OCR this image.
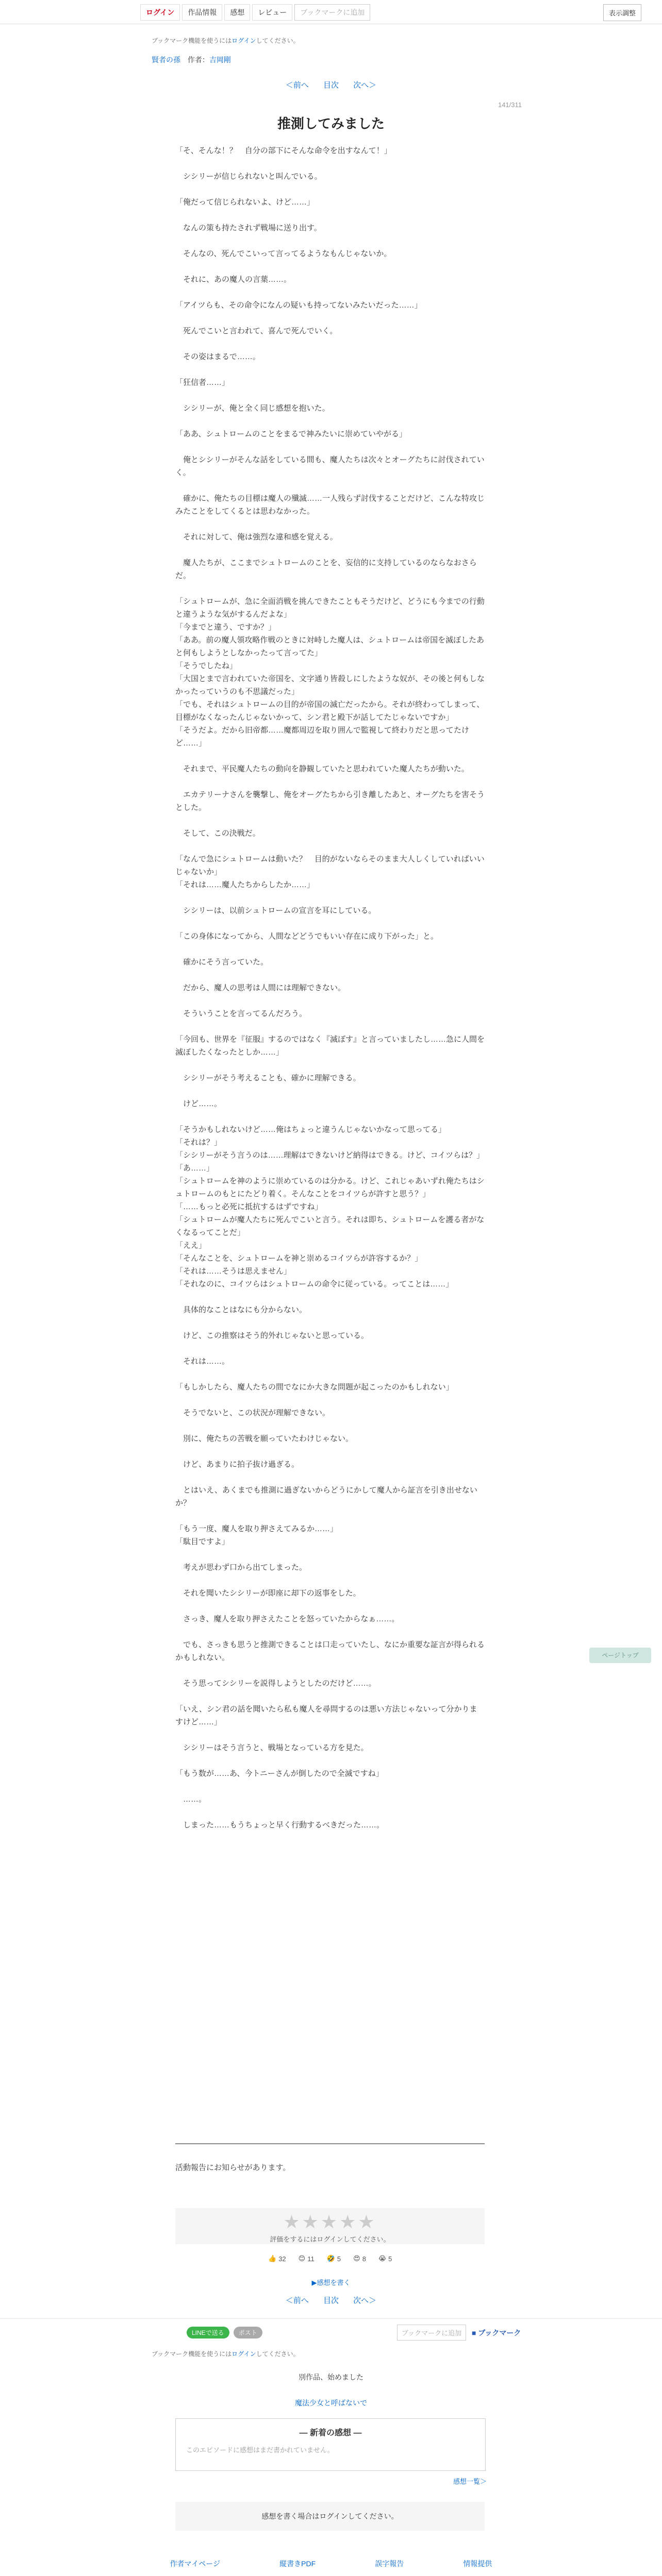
ログイン	作品情報	感想	レビュー	ブックマークに追加	表示調整
ブックマーク機能を使うにはログインしてください。
賢者の孫 作者：吉岡剛
＜前へ 目次 次へ＞
141/311
推測してみました
「そ、そんな！？　自分の部下にそんな命令を出すなんて！」
　シシリーが信じられないと叫んでいる。
「俺だって信じられないよ、けど……」
　なんの策も持たされず戦場に送り出す。
　そんなの、死んでこいって言ってるようなもんじゃないか。
　それに、あの魔人の言葉……。
「アイツらも、その命令になんの疑いも持ってないみたいだった……」
　死んでこいと言われて、喜んで死んでいく。
　その姿はまるで……。
「狂信者……」
　シシリーが、俺と全く同じ感想を抱いた。
「ああ、シュトロームのことをまるで神みたいに崇めていやがる」
　俺とシシリーがそんな話をしている間も、魔人たちは次々とオーグたちに討伐されていく。
　確かに、俺たちの目標は魔人の殲滅……一人残らず討伐することだけど、こんな特攻じみたことをしてくるとは思わなかった。
　それに対して、俺は強烈な違和感を覚える。
　魔人たちが、ここまでシュトロームのことを、妄信的に支持しているのならなおさらだ。
「シュトロームが、急に全面消戦を挑んできたこともそうだけど、どうにも今までの行動と違うような気がするんだよな」
「今までと違う、ですか？」
「ああ。前の魔人領攻略作戦のときに対峙した魔人は、シュトロームは帝国を滅ぼしたあと何もしようとしなかったって言ってた」
「そうでしたね」
「大国とまで言われていた帝国を、文字通り皆殺しにしたような奴が、その後と何もしなかったっていうのも不思議だった」
「でも、それはシュトロームの目的が帝国の滅亡だったから。それが終わってしまって、目標がなくなったんじゃないかって、シン君と殿下が話してたじゃないですか」
「そうだよ。だから旧帝都……魔都周辺を取り囲んで監視して終わりだと思ってたけど……」
　それまで、平民魔人たちの動向を静観していたと思われていた魔人たちが動いた。
　エカテリーナさんを襲撃し、俺をオーグたちから引き離したあと、オーグたちを害そうとした。
　そして、この決戦だ。
「なんで急にシュトロームは動いた？　目的がないならそのまま大人しくしていればいいじゃないか」
「それは……魔人たちからしたか……」
　シシリーは、以前シュトロームの宣言を耳にしている。
「この身体になってから、人間などどうでもいい存在に成り下がった」と。
　確かにそう言っていた。
　だから、魔人の思考は人間には理解できない。
　そういうことを言ってるんだろう。
「今回も、世界を『征服』するのではなく『滅ぼす』と言っていましたし……急に人間を滅ぼしたくなったとしか……」
　シシリーがそう考えることも、確かに理解できる。
　けど……。
「そうかもしれないけど……俺はちょっと違うんじゃないかなって思ってる」
「それは？」
「シシリーがそう言うのは……理解はできないけど納得はできる。けど、コイツらは？」
「あ……」
「シュトロームを神のように崇めているのは分かる。けど、これじゃあいずれ俺たちはシュトロームのもとにたどり着く。そんなことをコイツらが許すと思う？」
「……もっと必死に抵抗するはずですね」
「シュトロームが魔人たちに死んでこいと言う。それは即ち、シュトロームを護る者がなくなるってことだ」
「ええ」
「そんなことを、シュトロームを神と崇めるコイツらが許容するか？」
「それは……そうは思えません」
「それなのに、コイツらはシュトロームの命令に従っている。ってことは……」
　具体的なことはなにも分からない。
　けど、この推察はそう的外れじゃないと思っている。
　それは……。
「もしかしたら、魔人たちの間でなにか大きな問題が起こったのかもしれない」
　そうでないと、この状況が理解できない。
　別に、俺たちの苦戦を願っていたわけじゃない。
　けど、あまりに拍子抜け過ぎる。
　とはいえ、あくまでも推測に過ぎないからどうにかして魔人から証言を引き出せないか？
「もう一度、魔人を取り押さえてみるか……」
「駄目ですよ」
　考えが思わず口から出てしまった。
　それを聞いたシシリーが即座に却下の返事をした。
　さっき、魔人を取り押さえたことを怒っていたからなぁ……。
　でも、さっきも思うと推測できることは口走っていたし、なにか重要な証言が得られるかもしれない。
　そう思ってシシリーを説得しようとしたのだけど……。
「いえ、シン君の話を聞いたら私も魔人を尋問するのは悪い方法じゃないって分かりますけど……」
　シシリーはそう言うと、戦場となっている方を見た。
「もう数が……あ、今トニーさんが倒したので全滅ですね」
　……。
　しまった……もうちょっと早く行動するべきだった……。
活動報告にお知らせがあります。
★★★★★
評価をするにはログインしてください。
👍 32 😊 11 🤣 5 😍 8 😭 5
▶感想を書く
＜前へ 目次 次へ＞
LINEで送る	ポスト	ブックマークに追加	■ ブックマーク
ブックマーク機能を使うにはログインしてください。
別作品、始めました
魔法少女と呼ばないで
― 新着の感想 ―
このエピソードに感想はまだ書かれていません。
感想一覧＞
感想を書く場合はログインしてください。
作者マイページ	縦書きPDF	誤字報告	情報提供
ページトップ
